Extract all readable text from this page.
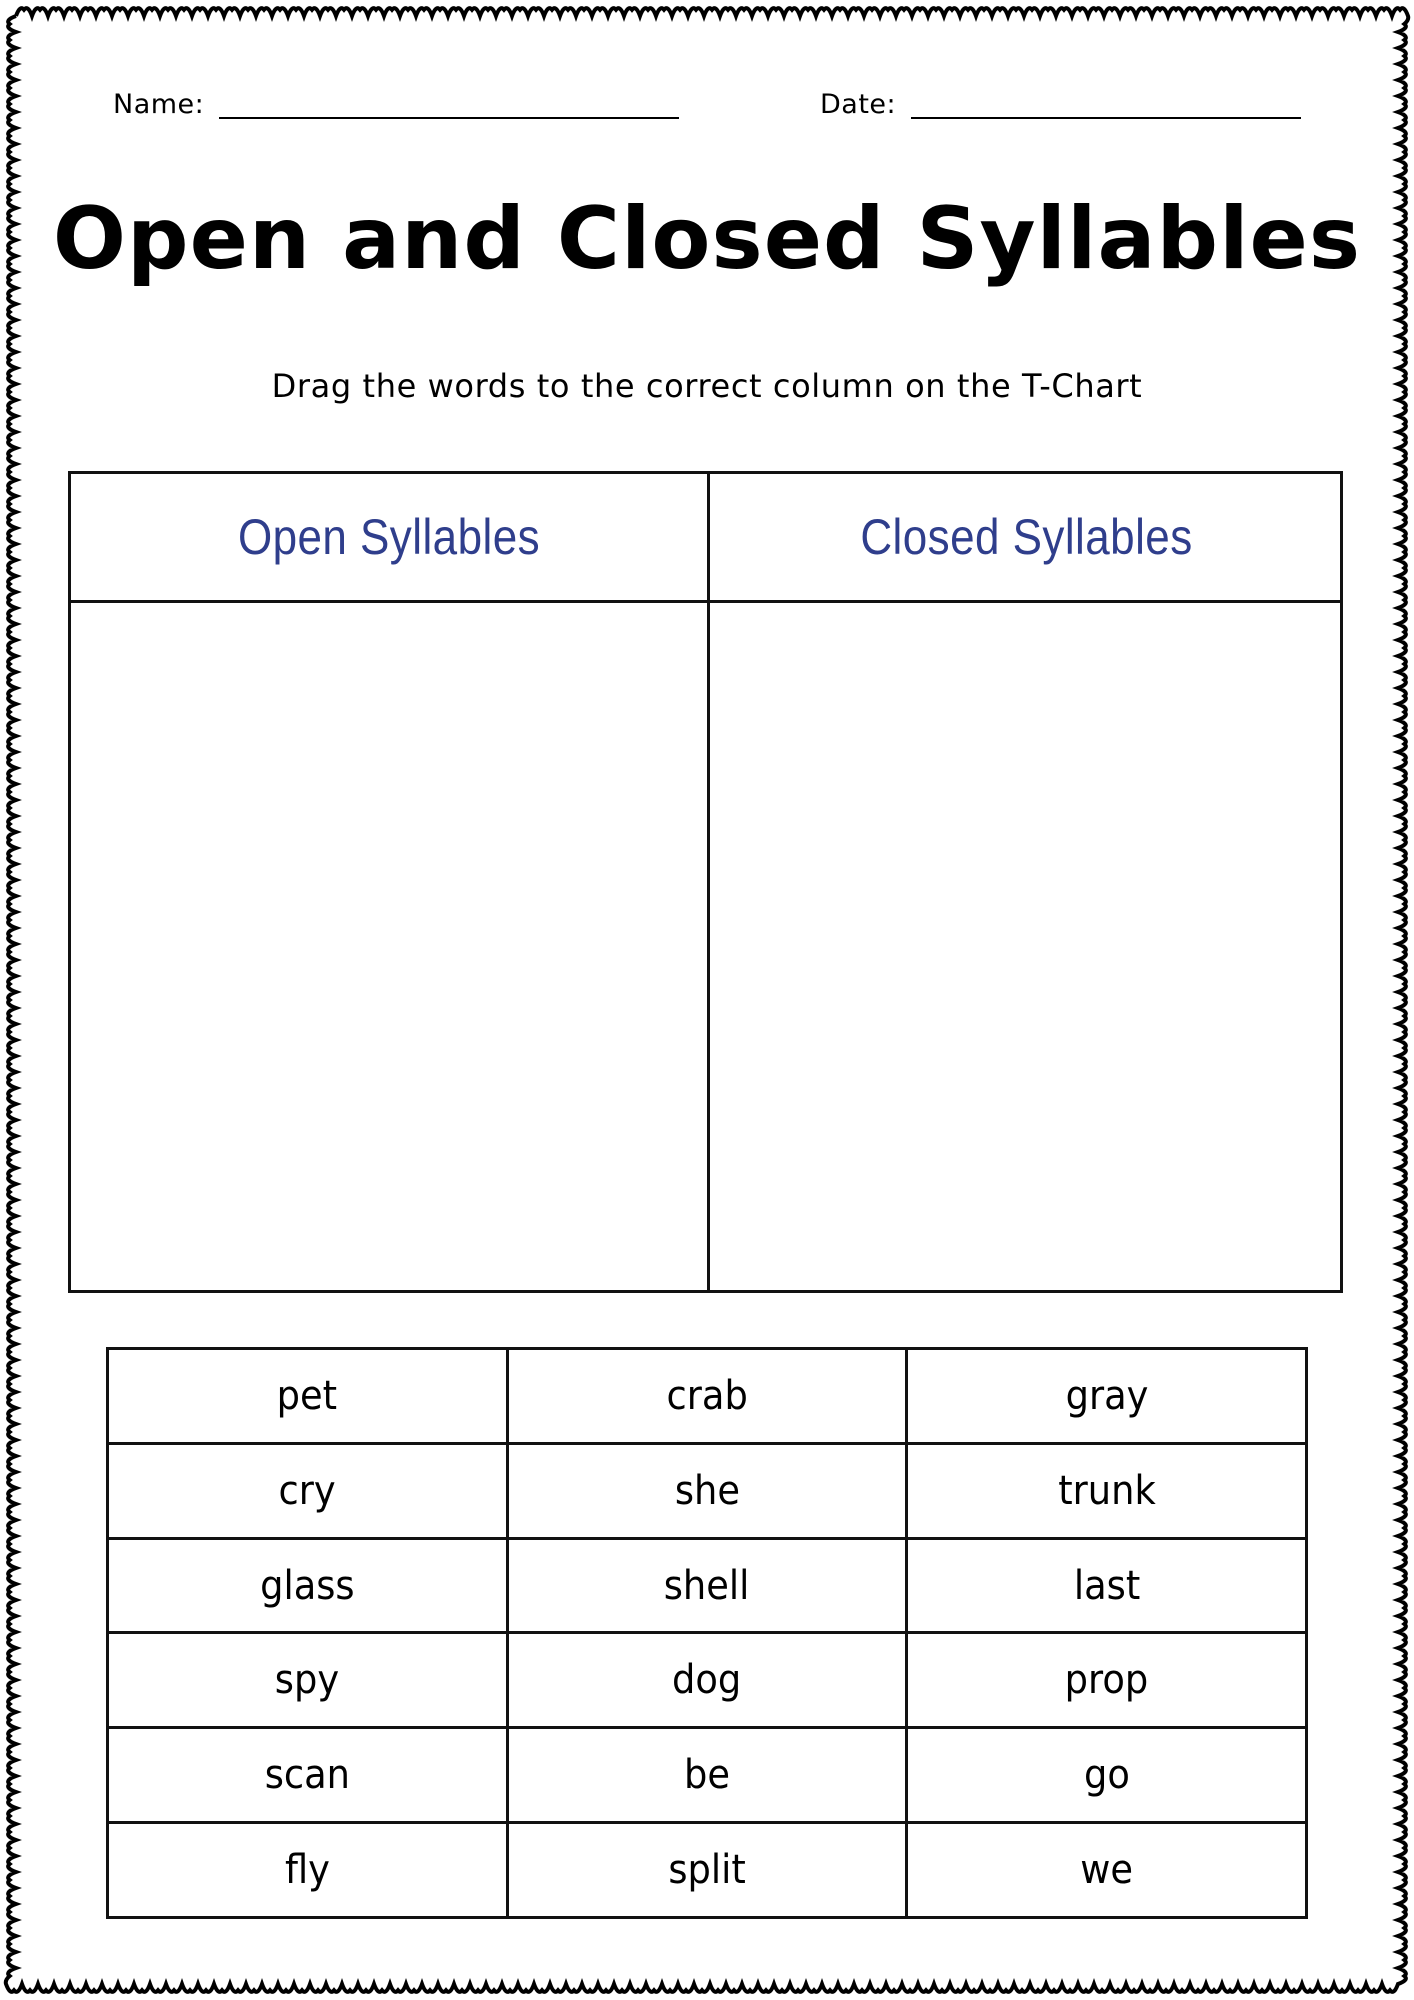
Name:	Date:
Open and Closed Syllables
Drag the words to the correct column on the T-Chart
Open Syllables	Closed Syllables
pet	crab	gray
cry	she	trunk
glass	shell	last
spy	dog	prop
scan	be	go
fly	split	we
